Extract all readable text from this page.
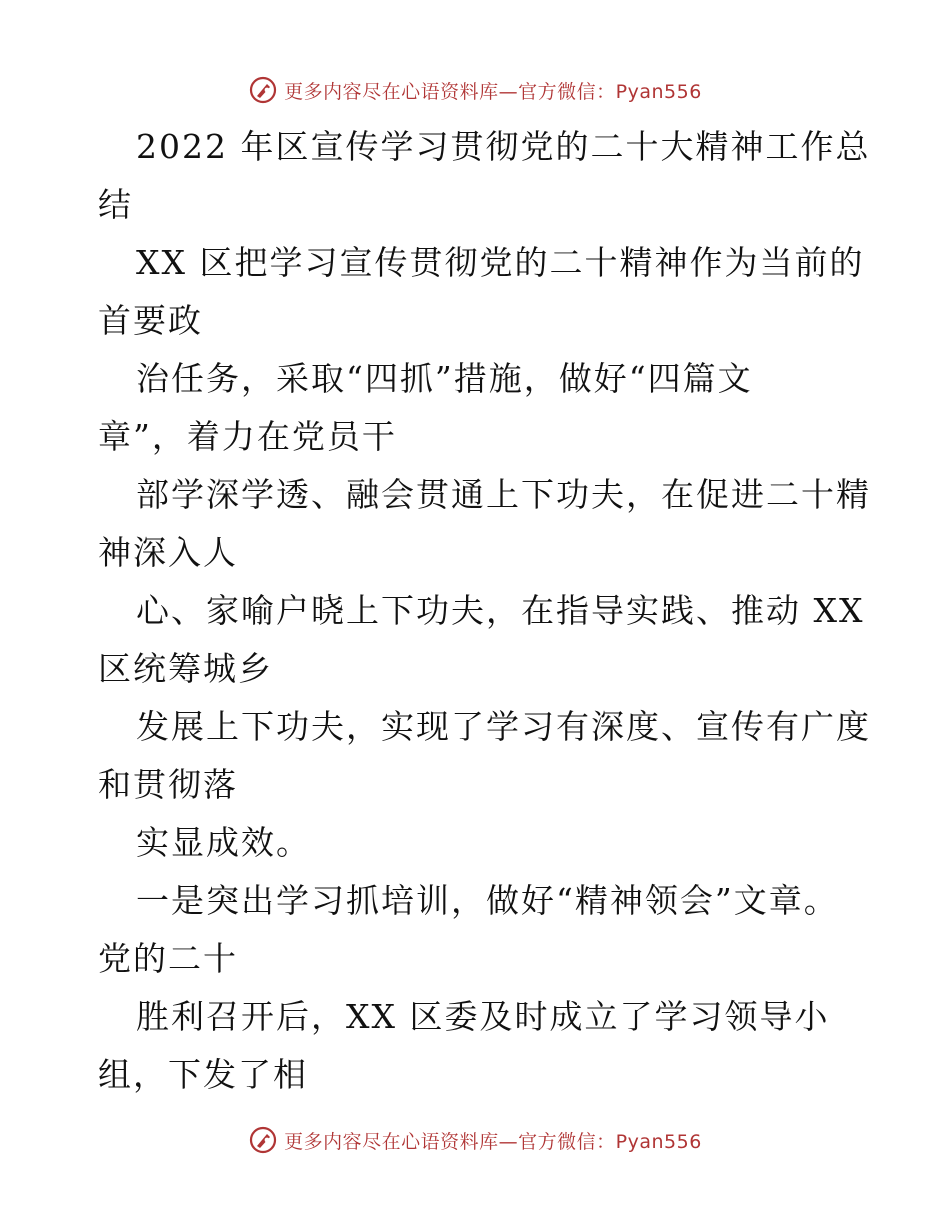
更多内容尽在心语资料库—官方微信：Pyan556
2022 年区宣传学习贯彻党的二十大精神工作总
结
XX 区把学习宣传贯彻党的二十精神作为当前的
首要政
治任务，采取“四抓”措施，做好“四篇文
章”，着力在党员干
部学深学透、融会贯通上下功夫，在促进二十精
神深入人
心、家喻户晓上下功夫，在指导实践、推动 XX
区统筹城乡
发展上下功夫，实现了学习有深度、宣传有广度
和贯彻落
实显成效。
一是突出学习抓培训，做好“精神领会”文章。
党的二十
胜利召开后，XX 区委及时成立了学习领导小
组，下发了相
更多内容尽在心语资料库—官方微信：Pyan556
